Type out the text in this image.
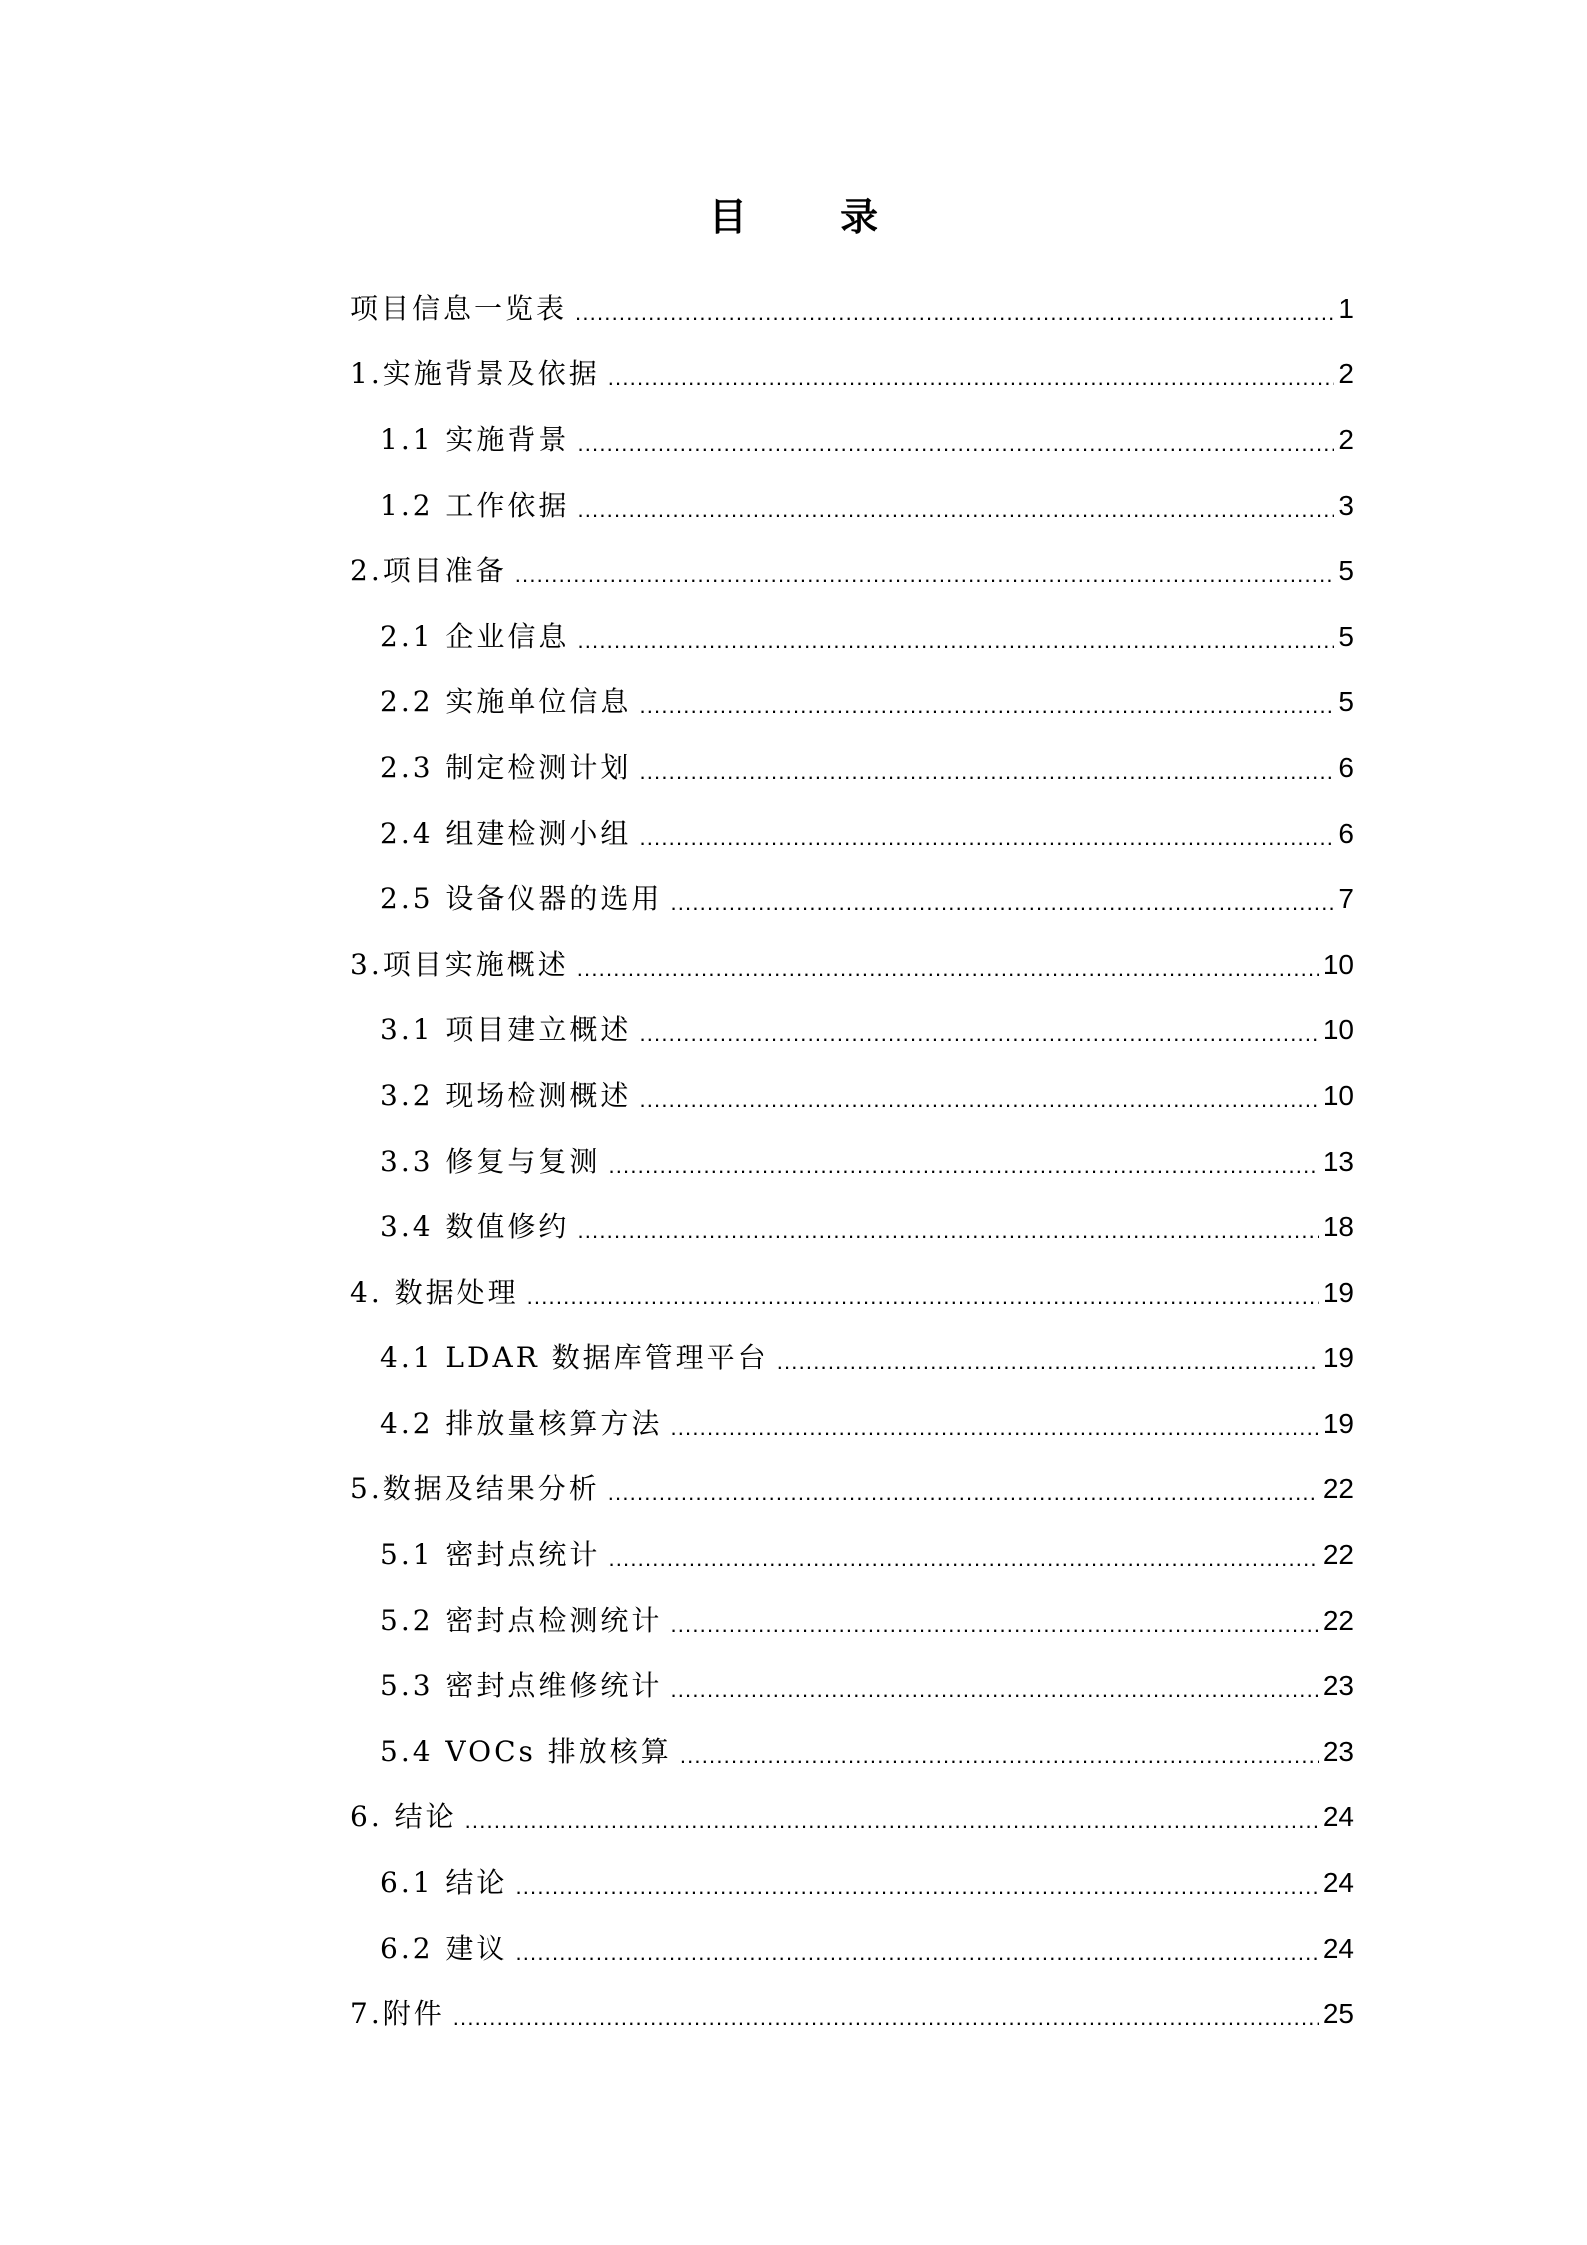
目 录
项目信息一览表 .....	1
1.实施背景及依据 .....	2
1.1 实施背景 .....	2
1.2 工作依据 .....	3
2.项目准备 .....	5
2.1 企业信息 .....	5
2.2 实施单位信息 .....	5
2.3 制定检测计划 .....	6
2.4 组建检测小组 .....	6
2.5 设备仪器的选用 .....	7
3.项目实施概述 .....	10
3.1 项目建立概述 .....	10
3.2 现场检测概述 .....	10
3.3 修复与复测 .....	13
3.4 数值修约 .....	18
4. 数据处理 .....	19
4.1 LDAR 数据库管理平台 .....	19
4.2 排放量核算方法 .....	19
5.数据及结果分析 .....	22
5.1 密封点统计 .....	22
5.2 密封点检测统计 .....	22
5.3 密封点维修统计 .....	23
5.4 VOCs 排放核算 .....	23
6. 结论 .....	24
6.1 结论 .....	24
6.2 建议 .....	24
7.附件 .....	25
